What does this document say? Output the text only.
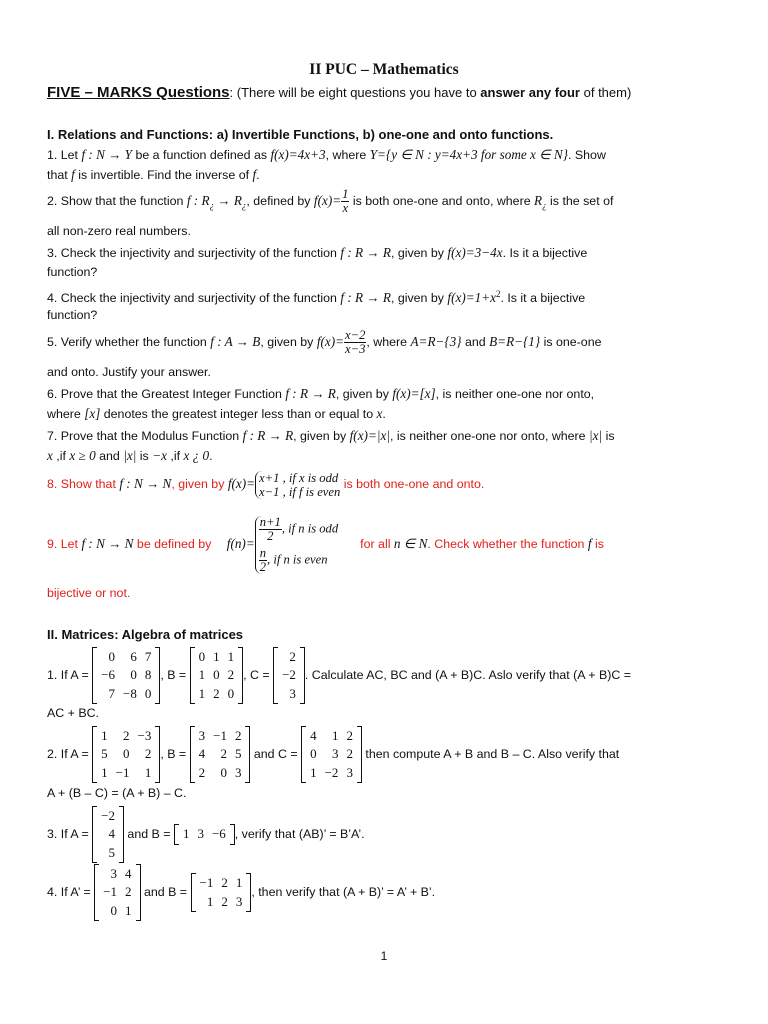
II PUC – Mathematics
FIVE – MARKS Questions: (There will be eight questions you have to answer any four of them)
I. Relations and Functions: a) Invertible Functions, b) one-one and onto functions.
1. Let f : N → Y be a function defined as f(x)=4x+3, where Y={y ∈ N : y=4x+3 for some x ∈ N}. Show
that f is invertible. Find the inverse of f.
2. Show that the function f : $R_¿ \to R_¿$, defined by $f(x)= \frac{1}{x}$ is both one-one and onto, where $R_¿$ is the set of
all non-zero real numbers.
3. Check the injectivity and surjectivity of the function f : R → R, given by f(x)=3−4x. Is it a bijective
function?
4. Check the injectivity and surjectivity of the function f : R → R, given by $f(x)=1+x^2$. Is it a bijective
function?
5. Verify whether the function f : A → B, given by $f(x)= \frac{x-2}{x-3}$ , where A=R−{3} and B=R−{1} is one-one
and onto. Justify your answer.
6. Prove that the Greatest Integer Function f : R → R, given by f(x)=[x], is neither one-one nor onto,
where [x] denotes the greatest integer less than or equal to x.
7. Prove that the Modulus Function f : R → R, given by f(x)=|x|, is neither one-one nor onto, where |x| is
x ,if x ≥ 0 and |x| is −x ,if x ¿ 0.
8. Show that f : N → N, given by f(x)= x+1 , if x is odd
x−1 , if f is even
is both one-one and onto.
9. Let f : N → N be defined by f(n)=
$\frac{n+1}{2}$ , if n is odd
$\frac{n}{2}$ , if n is even
for all n ∈ N. Check whether the function f is
bijective or not.
II. Matrices: Algebra of matrices
1. If A =
0	6	7
−6	0	8
7	−8	0
, B =
0	1	1
1	0	2
1	2	0
, C =
2
−2
3
. Calculate AC, BC and (A + B)C. Aslo verify that (A + B)C =
AC + BC.
2. If A =
1	2	−3
5	0	2
1	−1	1
, B =
3	−1	2
4	2	5
2	0	3
and C =
4	1	2
0	3	2
1	−2	3
then compute A + B and B – C. Also verify that
A + (B – C) = (A + B) – C.
3. If A =
−2
4
5
and B = 1	3	−6 , verify that (AB)’ = B’A’.
4. If A’ =
3	4
−1	2
0	1
and B =
−1	2	1
1	2	3
, then verify that (A + B)’ = A’ + B’.
1
